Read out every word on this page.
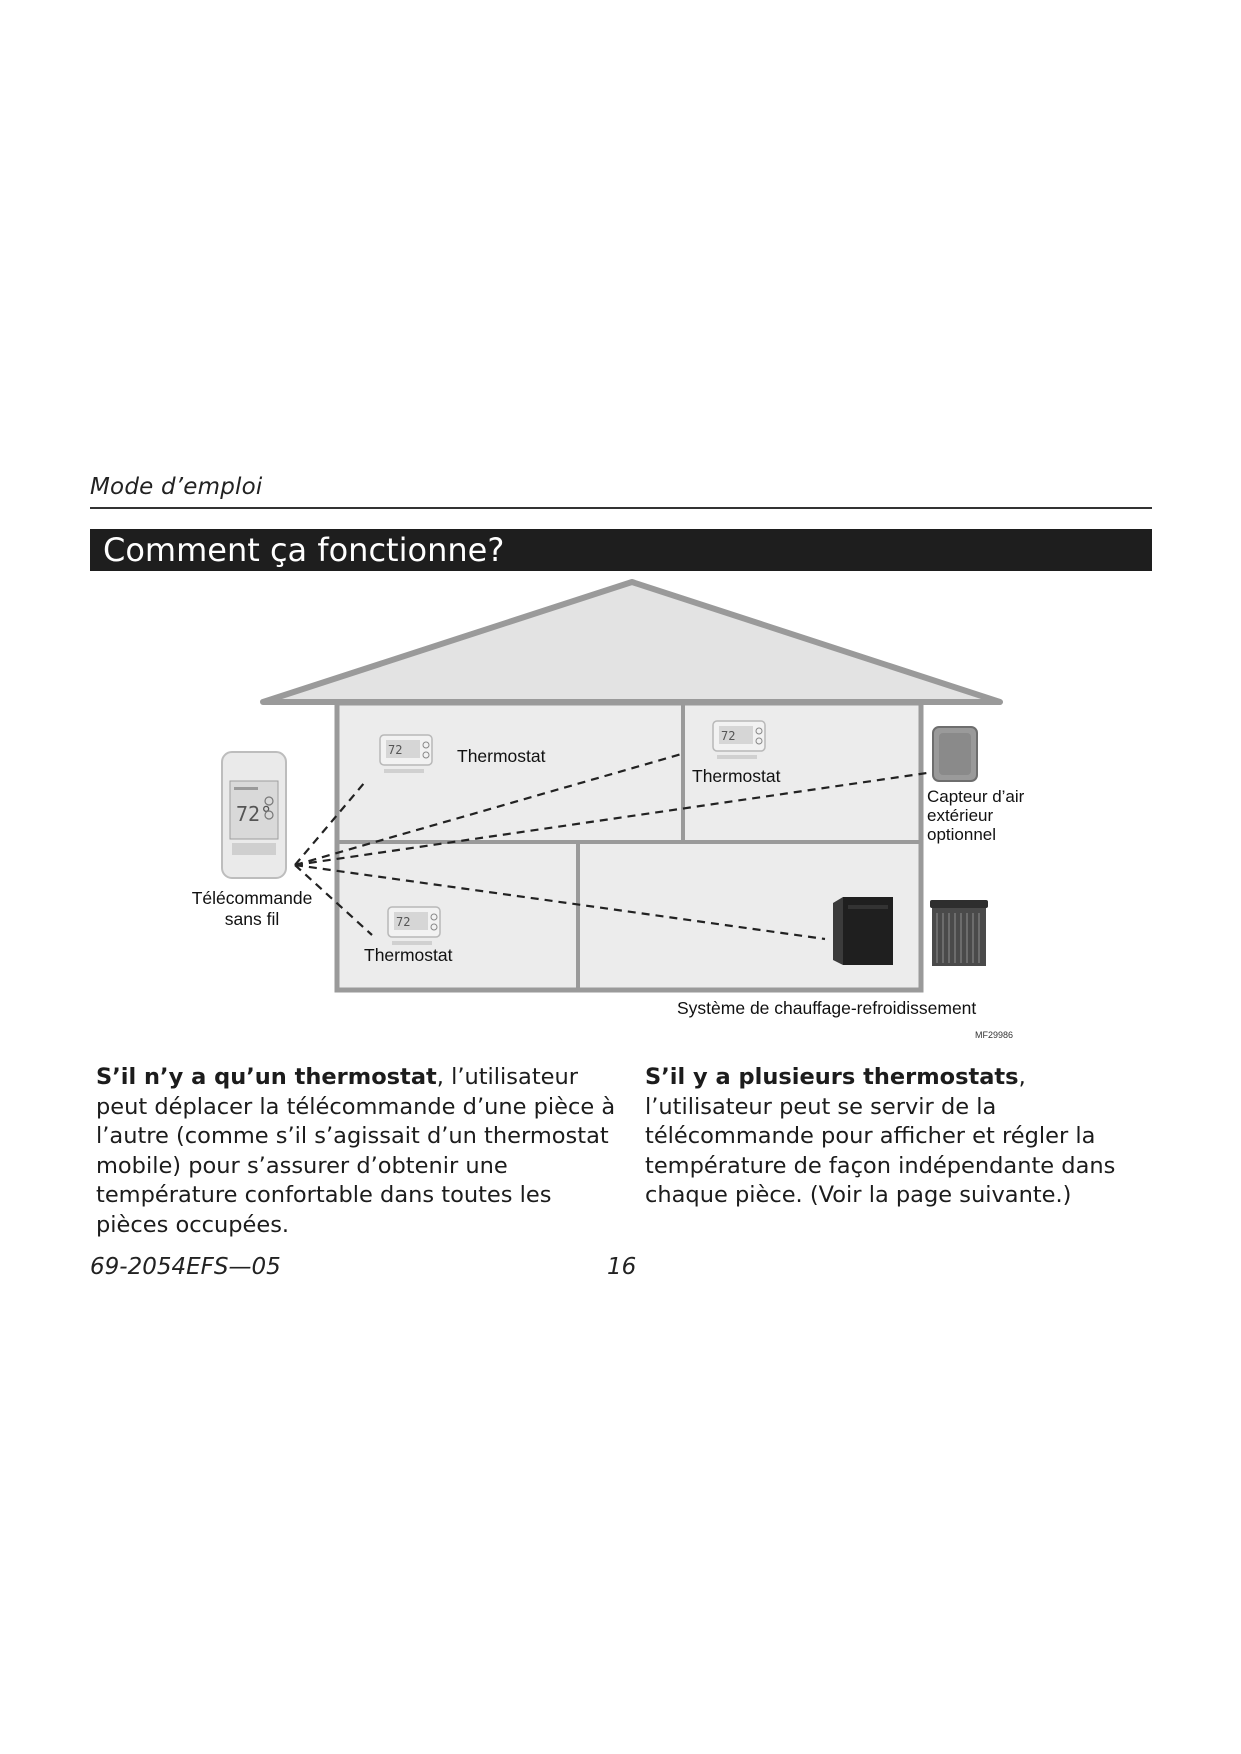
Mode d’emploi
Comment ça fonctionne?
72°
Télécommande
sans fil
72	Thermostat
72
Thermostat
72
Thermostat
Capteur d’air
extérieur
optionnel
Système de chauffage-refroidissement
MF29986
S’il n’y a qu’un thermostat, l’utilisateur peut déplacer la télécommande d’une pièce à l’autre (comme s’il s’agissait d’un thermostat mobile) pour s’assurer d’obtenir une température confortable dans toutes les pièces occupées.
S’il y a plusieurs thermostats, l’utilisateur peut se servir de la télécommande pour afficher et régler la température de façon indépendante dans chaque pièce. (Voir la page suivante.)
69-2054EFS—05	16
